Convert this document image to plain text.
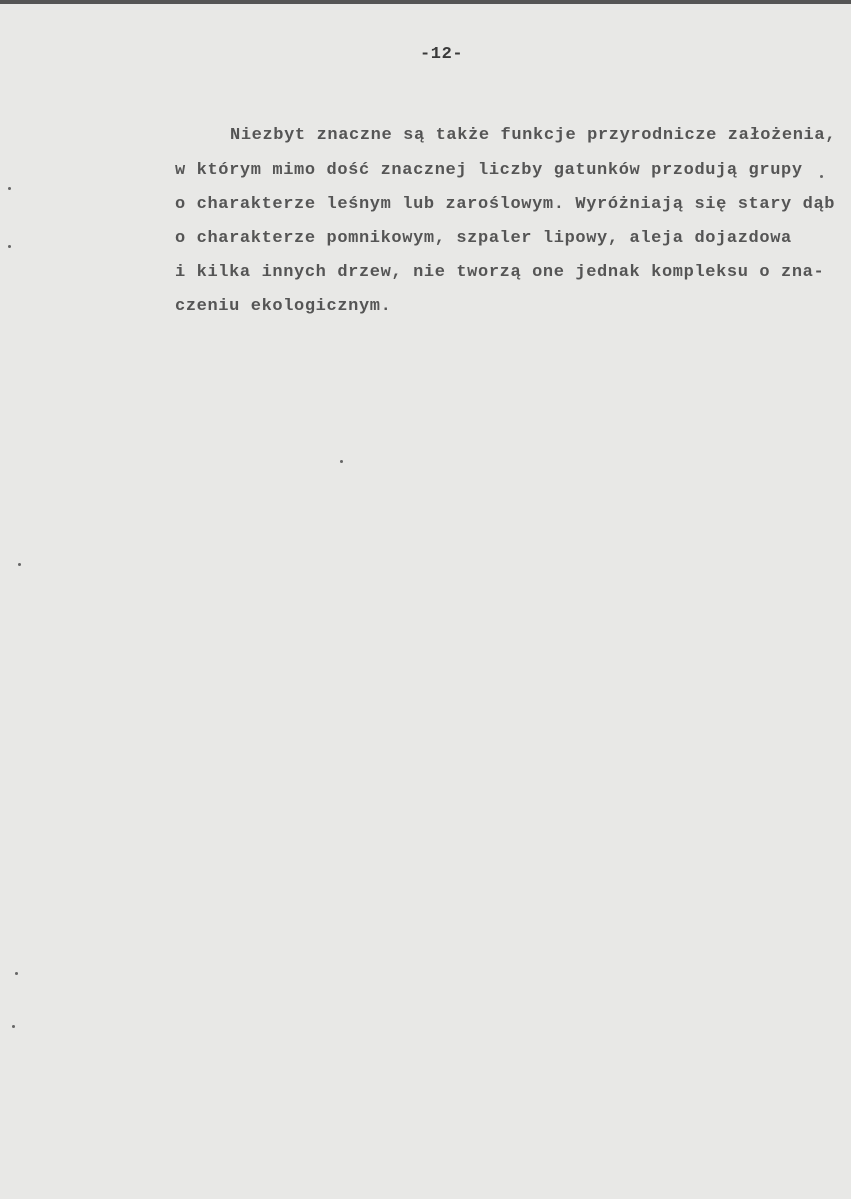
-12-
Niezbyt znaczne są także funkcje przyrodnicze założenia,
w którym mimo dość znacznej liczby gatunków przodują grupy
o charakterze leśnym lub zaroślowym. Wyróżniają się stary dąb
o charakterze pomnikowym, szpaler lipowy, aleja dojazdowa
i kilka innych drzew, nie tworzą one jednak kompleksu o zna-
czeniu ekologicznym.
